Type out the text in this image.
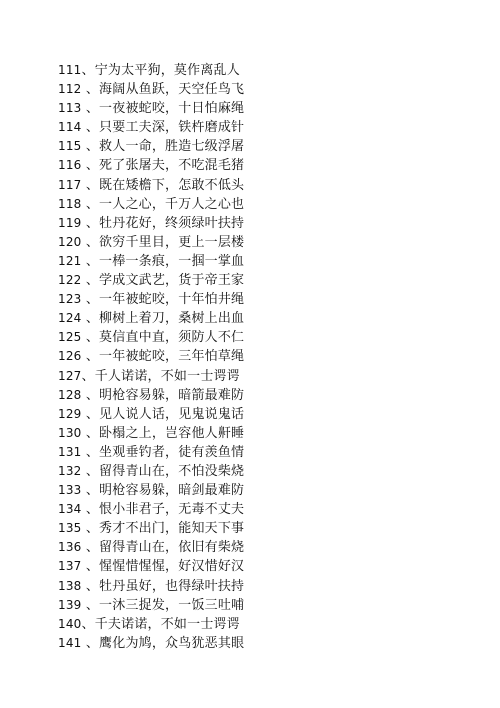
111、宁为太平狗，莫作离乱人
112 、海阔从鱼跃，天空任鸟飞
113 、一夜被蛇咬，十日怕麻绳
114 、只要工夫深，铁杵磨成针
115 、救人一命，胜造七级浮屠
116 、死了张屠夫，不吃混毛猪
117 、既在矮檐下，怎敢不低头
118 、一人之心，千万人之心也
119 、牡丹花好，终须绿叶扶持
120 、欲穷千里目，更上一层楼
121 、一棒一条痕，一掴一掌血
122 、学成文武艺，货于帝王家
123 、一年被蛇咬，十年怕井绳
124 、柳树上着刀，桑树上出血
125 、莫信直中直，须防人不仁
126 、一年被蛇咬，三年怕草绳
127、千人诺诺，不如一士谔谔
128 、明枪容易躲，暗箭最难防
129 、见人说人话，见鬼说鬼话
130 、卧榻之上，岂容他人鼾睡
131 、坐观垂钓者，徒有羡鱼情
132 、留得青山在，不怕没柴烧
133 、明枪容易躲，暗剑最难防
134 、恨小非君子，无毒不丈夫
135 、秀才不出门，能知天下事
136 、留得青山在，依旧有柴烧
137 、惺惺惜惺惺，好汉惜好汉
138 、牡丹虽好，也得绿叶扶持
139 、一沐三捉发，一饭三吐哺
140、千夫诺诺，不如一士谔谔
141 、鹰化为鸠，众鸟犹恶其眼
